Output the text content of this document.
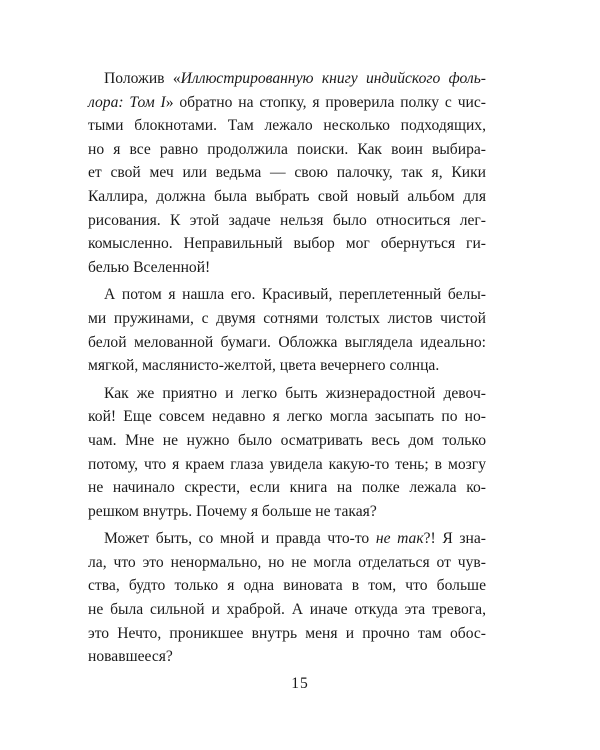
Положив «Иллюстрированную книгу индийского фоль-
лора: Том I» обратно на стопку, я проверила полку с чис-
тыми блокнотами. Там лежало несколько подходящих,
но я все равно продолжила поиски. Как воин выбира-
ет свой меч или ведьма — свою палочку, так я, Кики
Каллира, должна была выбрать свой новый альбом для
рисования. К этой задаче нельзя было относиться лег-
комысленно. Неправильный выбор мог обернуться ги-
белью Вселенной!
А потом я нашла его. Красивый, переплетенный белы-
ми пружинами, с двумя сотнями толстых листов чистой
белой мелованной бумаги. Обложка выглядела идеально:
мягкой, маслянисто-желтой, цвета вечернего солнца.
Как же приятно и легко быть жизнерадостной девоч-
кой! Еще совсем недавно я легко могла засыпать по но-
чам. Мне не нужно было осматривать весь дом только
потому, что я краем глаза увидела какую-то тень; в мозгу
не начинало скрести, если книга на полке лежала ко-
решком внутрь. Почему я больше не такая?
Может быть, со мной и правда что-то не так?! Я зна-
ла, что это ненормально, но не могла отделаться от чув-
ства, будто только я одна виновата в том, что больше
не была сильной и храброй. А иначе откуда эта тревога,
это Нечто, проникшее внутрь меня и прочно там обос-
новавшееся?
15
